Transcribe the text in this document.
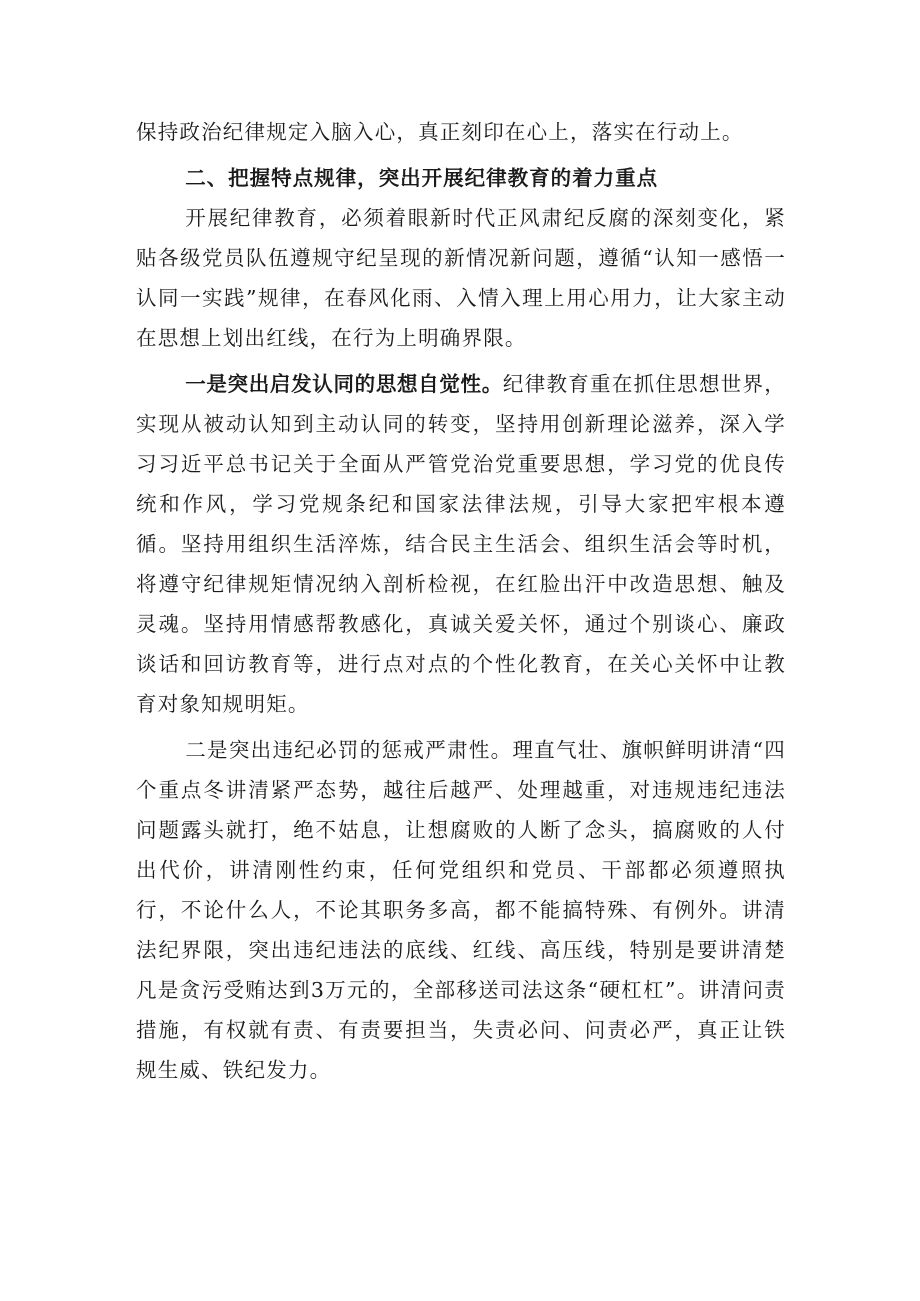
保持政治纪律规定入脑入心，真正刻印在心上，落实在行动上。

二、把握特点规律，突出开展纪律教育的着力重点

开展纪律教育，必须着眼新时代正风肃纪反腐的深刻变化，紧贴各级党员队伍遵规守纪呈现的新情况新问题，遵循“认知一感悟一认同一实践”规律，在春风化雨、入情入理上用心用力，让大家主动在思想上划出红线，在行为上明确界限。

一是突出启发认同的思想自觉性。纪律教育重在抓住思想世界，实现从被动认知到主动认同的转变，坚持用创新理论滋养，深入学习习近平总书记关于全面从严管党治党重要思想，学习党的优良传统和作风，学习党规条纪和国家法律法规，引导大家把牢根本遵循。坚持用组织生活淬炼，结合民主生活会、组织生活会等时机，将遵守纪律规矩情况纳入剖析检视，在红脸出汗中改造思想、触及灵魂。坚持用情感帮教感化，真诚关爱关怀，通过个别谈心、廉政谈话和回访教育等，进行点对点的个性化教育，在关心关怀中让教育对象知规明矩。

二是突出违纪必罚的惩戒严肃性。理直气壮、旗帜鲜明讲清“四个重点冬讲清紧严态势，越往后越严、处理越重，对违规违纪违法问题露头就打，绝不姑息，让想腐败的人断了念头，搞腐败的人付出代价，讲清刚性约束，任何党组织和党员、干部都必须遵照执行，不论什么人，不论其职务多高，都不能搞特殊、有例外。讲清法纪界限，突出违纪违法的底线、红线、高压线，特别是要讲清楚凡是贪污受贿达到3万元的，全部移送司法这条“硬杠杠”。讲清问责措施，有权就有责、有责要担当，失责必问、问责必严，真正让铁规生威、铁纪发力。
